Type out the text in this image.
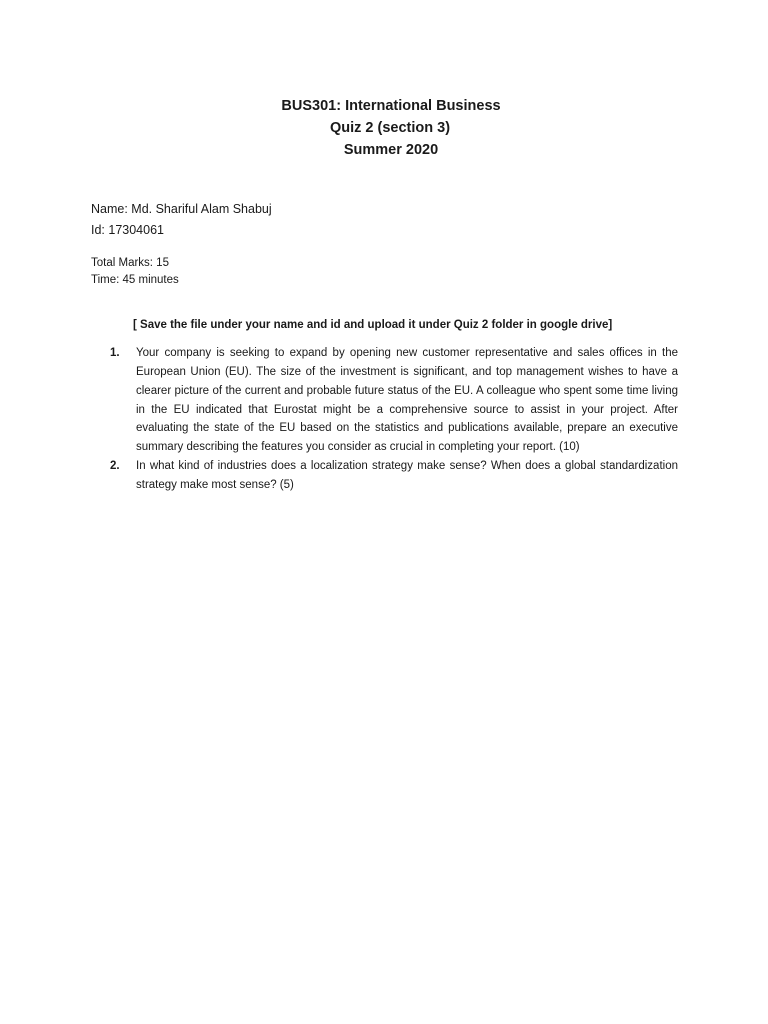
BUS301: International Business
Quiz 2 (section 3)
Summer 2020
Name: Md. Shariful Alam Shabuj
Id: 17304061
Total Marks: 15
Time: 45 minutes
[ Save the file under your name and id and upload it under Quiz 2 folder in google drive]
1. Your company is seeking to expand by opening new customer representative and sales offices in the European Union (EU). The size of the investment is significant, and top management wishes to have a clearer picture of the current and probable future status of the EU. A colleague who spent some time living in the EU indicated that Eurostat might be a comprehensive source to assist in your project. After evaluating the state of the EU based on the statistics and publications available, prepare an executive summary describing the features you consider as crucial in completing your report. (10)
2. In what kind of industries does a localization strategy make sense? When does a global standardization strategy make most sense? (5)
